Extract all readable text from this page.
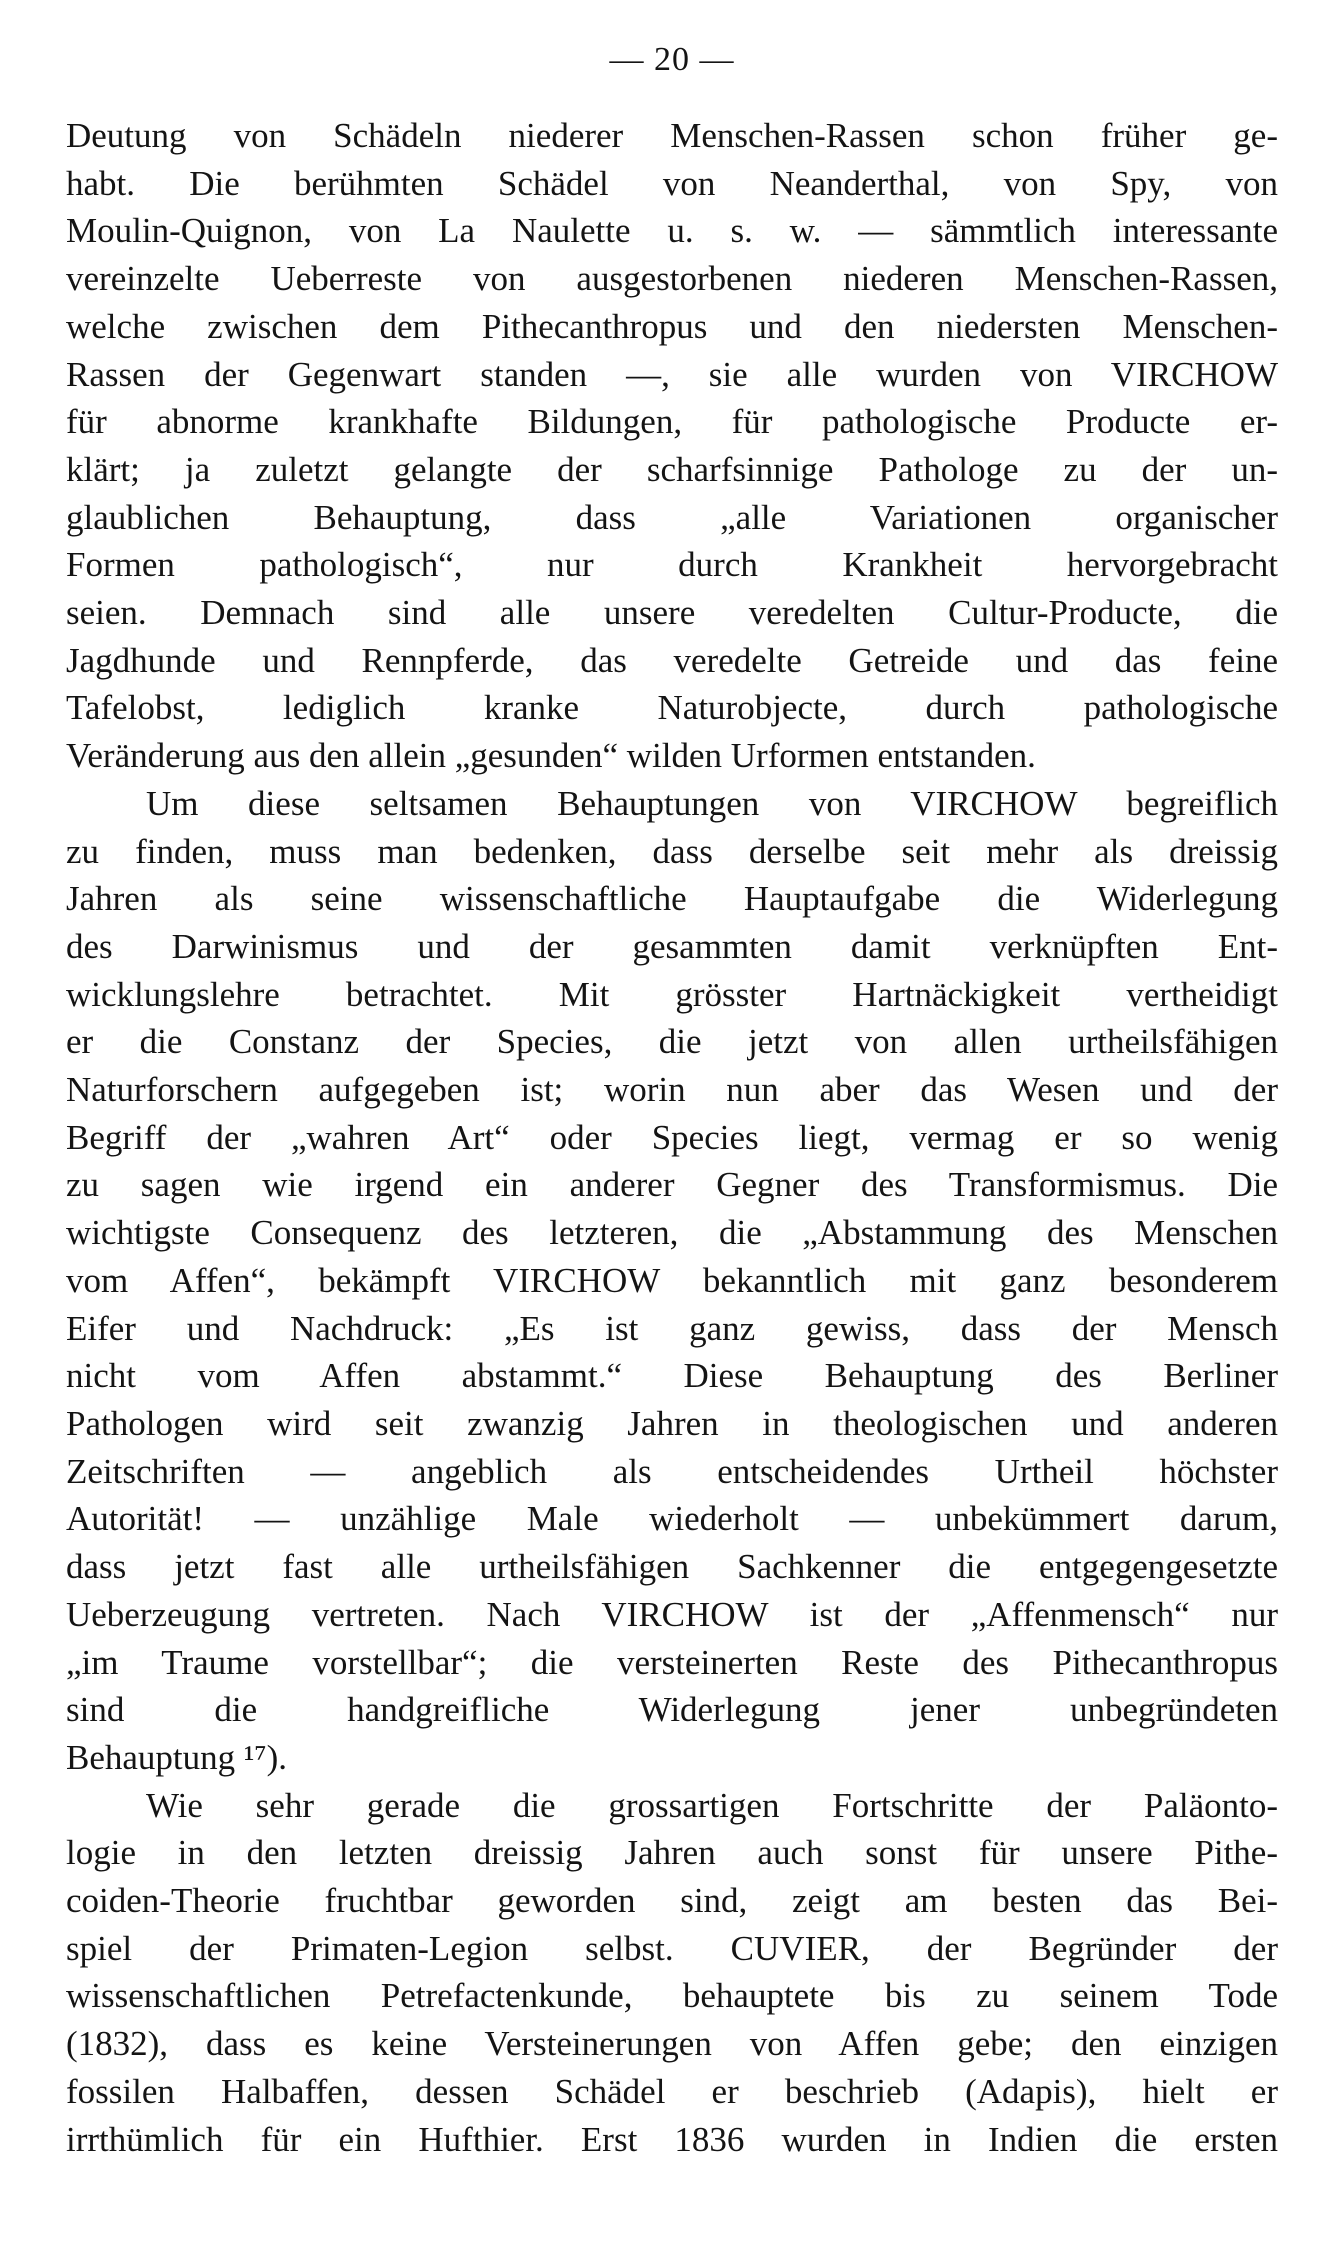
— 20 —

Deutung von Schädeln niederer Menschen-Rassen schon früher ge-
habt. Die berühmten Schädel von Neanderthal, von Spy, von
Moulin-Quignon, von La Naulette u. s. w. — sämmtlich interessante
vereinzelte Ueberreste von ausgestorbenen niederen Menschen-Rassen,
welche zwischen dem Pithecanthropus und den niedersten Menschen-
Rassen der Gegenwart standen —, sie alle wurden von VIRCHOW
für abnorme krankhafte Bildungen, für pathologische Producte er-
klärt; ja zuletzt gelangte der scharfsinnige Pathologe zu der un-
glaublichen Behauptung, dass „alle Variationen organischer
Formen pathologisch“, nur durch Krankheit hervorgebracht
seien. Demnach sind alle unsere veredelten Cultur-Producte, die
Jagdhunde und Rennpferde, das veredelte Getreide und das feine
Tafelobst, lediglich kranke Naturobjecte, durch pathologische
Veränderung aus den allein „gesunden“ wilden Urformen entstanden.

Um diese seltsamen Behauptungen von VIRCHOW begreiflich
zu finden, muss man bedenken, dass derselbe seit mehr als dreissig
Jahren als seine wissenschaftliche Hauptaufgabe die Widerlegung
des Darwinismus und der gesammten damit verknüpften Ent-
wicklungslehre betrachtet. Mit grösster Hartnäckigkeit vertheidigt
er die Constanz der Species, die jetzt von allen urtheilsfähigen
Naturforschern aufgegeben ist; worin nun aber das Wesen und der
Begriff der „wahren Art“ oder Species liegt, vermag er so wenig
zu sagen wie irgend ein anderer Gegner des Transformismus. Die
wichtigste Consequenz des letzteren, die „Abstammung des Menschen
vom Affen“, bekämpft VIRCHOW bekanntlich mit ganz besonderem
Eifer und Nachdruck: „Es ist ganz gewiss, dass der Mensch
nicht vom Affen abstammt.“ Diese Behauptung des Berliner
Pathologen wird seit zwanzig Jahren in theologischen und anderen
Zeitschriften — angeblich als entscheidendes Urtheil höchster
Autorität! — unzählige Male wiederholt — unbekümmert darum,
dass jetzt fast alle urtheilsfähigen Sachkenner die entgegengesetzte
Ueberzeugung vertreten. Nach VIRCHOW ist der „Affenmensch“ nur
„im Traume vorstellbar“; die versteinerten Reste des Pithecanthropus
sind die handgreifliche Widerlegung jener unbegründeten
Behauptung ¹⁷).

Wie sehr gerade die grossartigen Fortschritte der Paläonto-
logie in den letzten dreissig Jahren auch sonst für unsere Pithe-
coiden-Theorie fruchtbar geworden sind, zeigt am besten das Bei-
spiel der Primaten-Legion selbst. CUVIER, der Begründer der
wissenschaftlichen Petrefactenkunde, behauptete bis zu seinem Tode
(1832), dass es keine Versteinerungen von Affen gebe; den einzigen
fossilen Halbaffen, dessen Schädel er beschrieb (Adapis), hielt er
irrthümlich für ein Hufthier. Erst 1836 wurden in Indien die ersten
